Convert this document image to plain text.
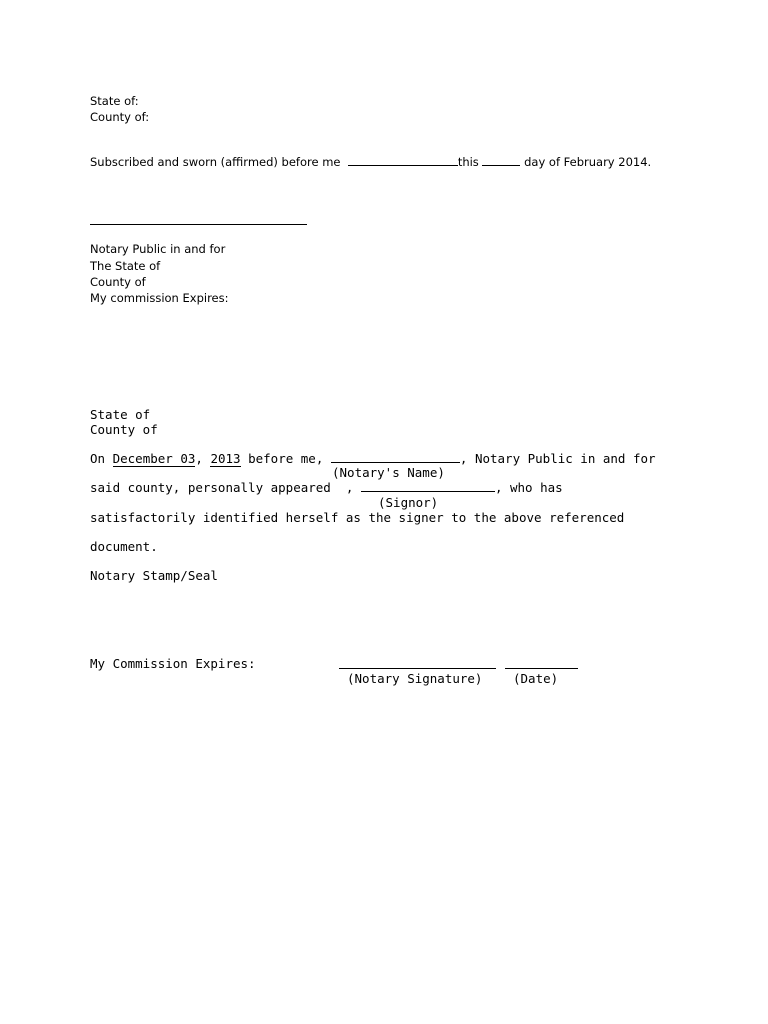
State of:
County of:
Subscribed and sworn (affirmed) before me	this	day of February 2014.
Notary Public in and for
The State of
County of
My commission Expires:
State of
County of
On December 03, 2013 before me,	, Notary Public in and for
(Notary's Name)
said county, personally appeared ,	, who has
(Signor)
satisfactorily identified herself as the signer to the above referenced
document.
Notary Stamp/Seal
My Commission Expires:
(Notary Signature) (Date)
